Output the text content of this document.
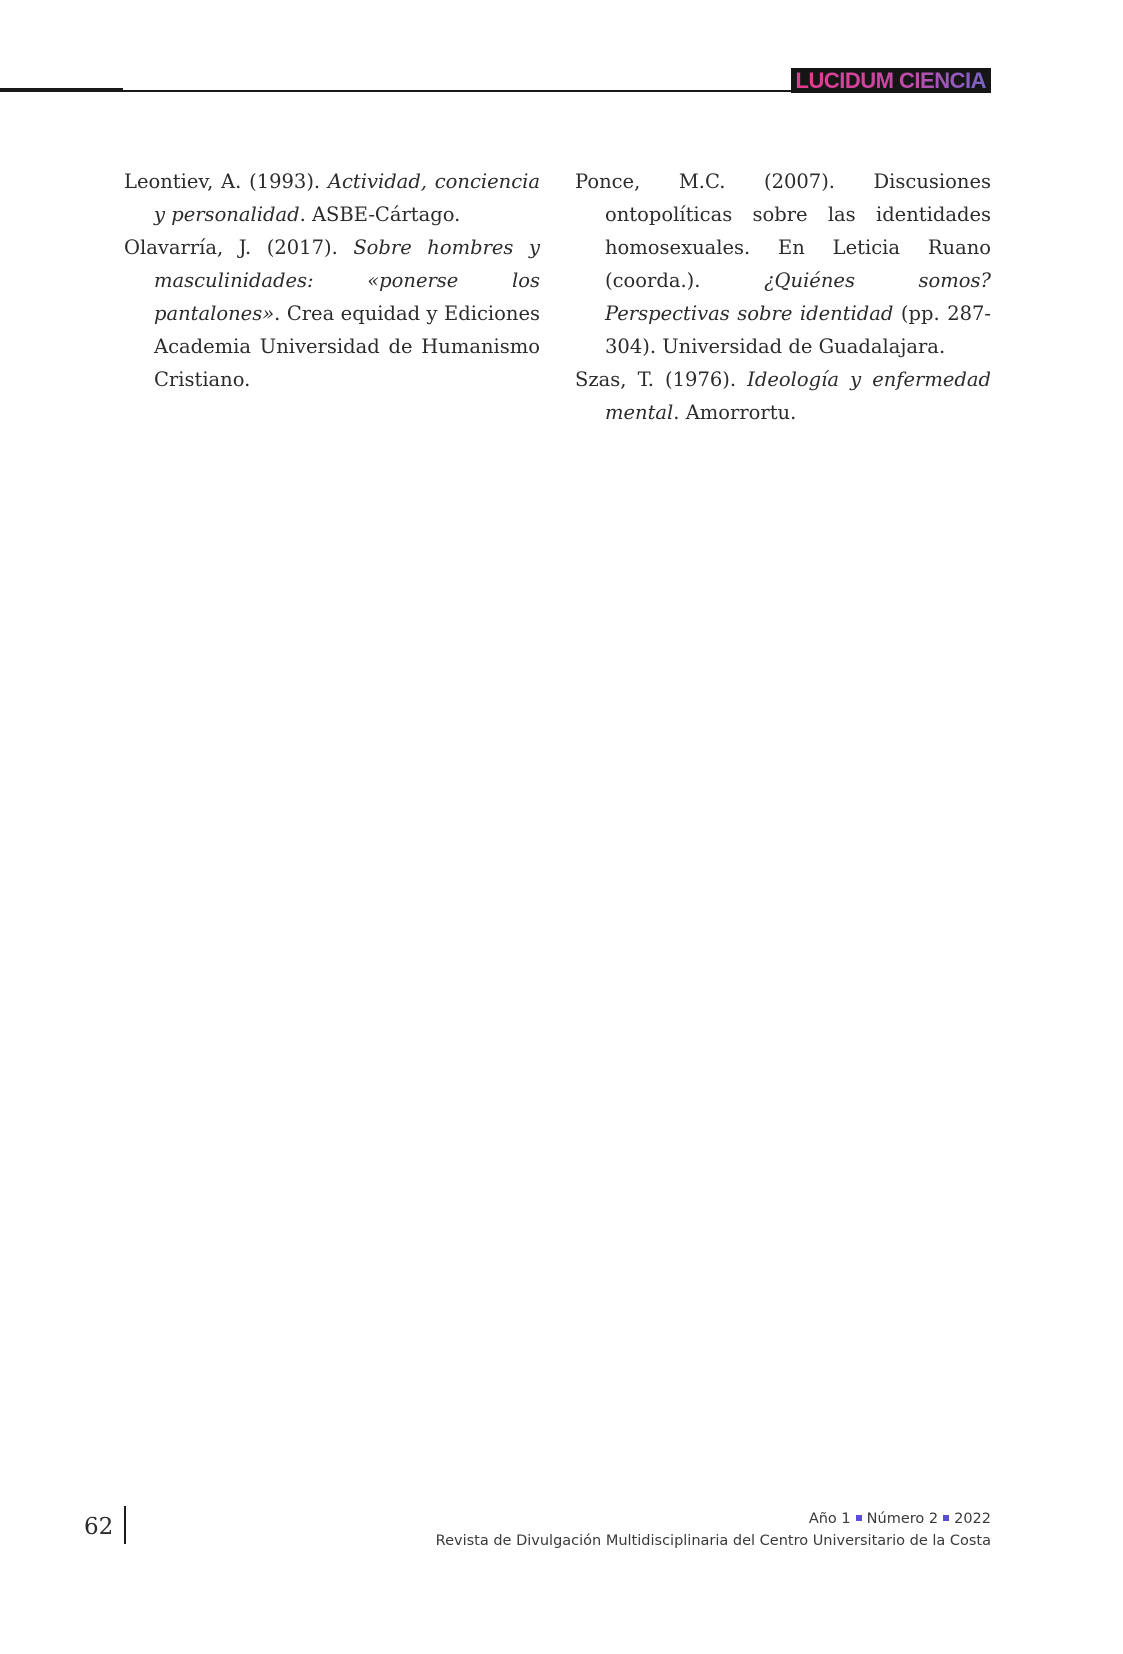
LUCIDUM CIENCIA

Leontiev, A. (1993). Actividad, conciencia y personalidad. ASBE-Cártago.

Olavarría, J. (2017). Sobre hombres y masculinidades: «ponerse los pantalones». Crea equidad y Ediciones Academia Universidad de Humanismo Cristiano.

Ponce, M.C. (2007). Discusiones ontopolíticas sobre las identidades homosexuales. En Leticia Ruano (coorda.). ¿Quiénes somos? Perspectivas sobre identidad (pp. 287-304). Universidad de Guadalajara.

Szas, T. (1976). Ideología y enfermedad mental. Amorrortu.

62	Año 1 Número 2 2022
Revista de Divulgación Multidisciplinaria del Centro Universitario de la Costa
